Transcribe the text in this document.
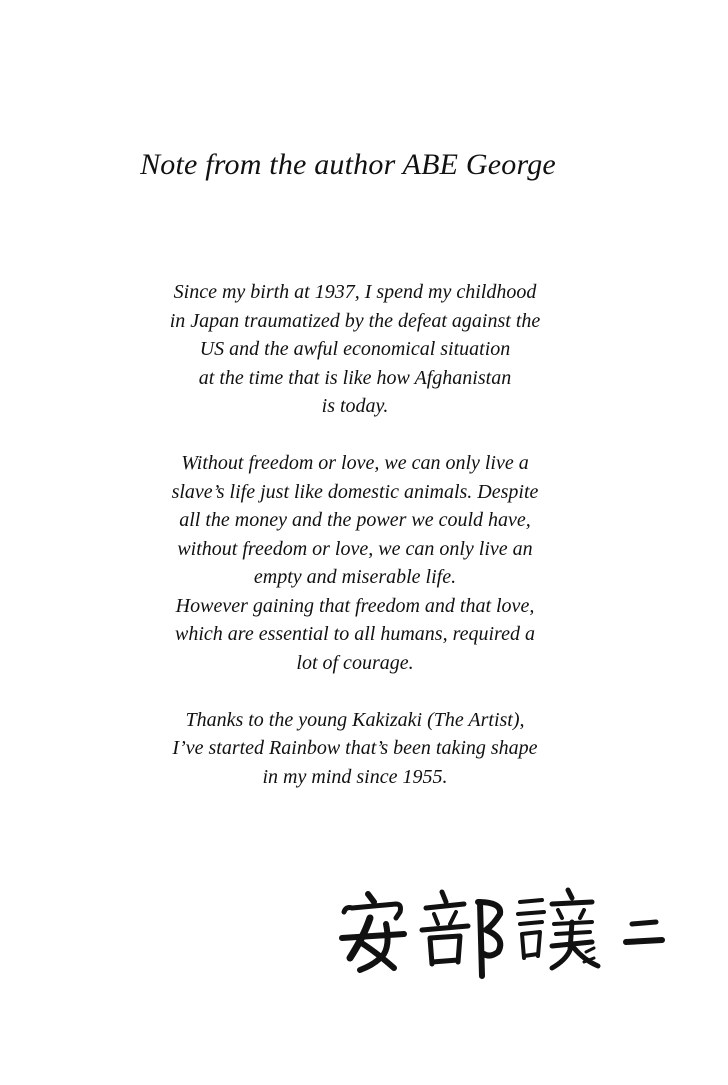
Note from the author ABE George

Since my birth at 1937, I spend my childhood
in Japan traumatized by the defeat against the
US and the awful economical situation
at the time that is like how Afghanistan
is today.

Without freedom or love, we can only live a
slave’s life just like domestic animals. Despite
all the money and the power we could have,
without freedom or love, we can only live an
empty and miserable life.
However gaining that freedom and that love,
which are essential to all humans, required a
lot of courage.

Thanks to the young Kakizaki (The Artist),
I’ve started Rainbow that’s been taking shape
in my mind since 1955.
